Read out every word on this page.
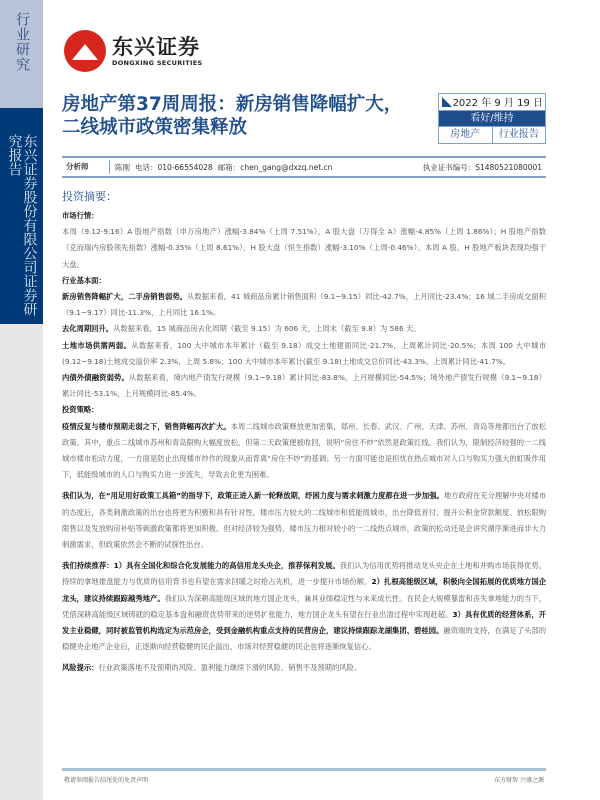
行业研究
东兴证券股份有限公司证券研究报告
东兴证券
DONGXING SECURITIES
房地产第37周周报：新房销售降幅扩大，
二线城市政策密集释放
2022 年 9 月 19 日
看好/维持
房地产	行业报告
分析师	陈刚 电话：010-66554028 邮箱：chen_gang@dxzq.net.cn	执业证书编号：S1480521080001
投资摘要：

市场行情：

本周（9.12-9.16）A 股地产指数（申万房地产）涨幅-3.84%（上周 7.51%），A 股大盘（万得全 A）涨幅-4.85%（上周 1.86%）；H 股地产指数（克而瑞内房股领先指数）涨幅-0.35%（上周 8.61%），H 股大盘（恒生指数）涨幅-3.10%（上周-0.46%）。本周 A 股、H 股地产板块表现均强于大盘。

行业基本面：

新房销售降幅扩大，二手房销售弱势。从数据来看，41 城商品房累计销售面积（9.1~9.15）同比-42.7%，上月同比-23.4%；16 城二手房成交面积（9.1~9.17）同比-11.3%，上月同比 16.1%。

去化周期回升。从数据来看，15 城商品房去化周期（截至 9.15）为 606 天，上周末（截至 9.8）为 586 天。

土地市场供需两弱。从数据来看，100 大中城市本年累计（截至 9.18）成交土地建面同比-21.7%，上周累计同比-20.5%；本周 100 大中城市(9.12~9.18)土地成交溢价率 2.3%，上周 5.8%；100 大中城市本年累计(截至 9.18)土地成交总价同比-43.3%，上周累计同比-41.7%。

内债外债融资弱势。从数据来看，境内地产债发行规模（9.1~9.18）累计同比-83.8%，上月规模同比-54.5%；境外地产债发行规模（9.1~9.18）累计同比-53.1%，上月规模同比-85.4%。

投资策略：

疫情反复与楼市预期走弱之下，销售降幅再次扩大。本周二线城市政策释放更加密集，郑州、长春、武汉、广州、天津、苏州、青岛等地都出台了放松政策。其中，重点二线城市苏州和青岛限购大幅度放松，但第二天政策便被收回，说明“房住不炒”依然是政策红线。我们认为，限制经济较强的一二线城市楼市松动力度，一方面是防止出现楼市炒作的现象从而背离“房住不炒”的基调；另一方面可能也是担忧在热点城市对人口与购买力强大的虹吸作用下，低能级城市的人口与购买力进一步流失，导致去化更为困难。

我们认为，在“用足用好政策工具箱”的指导下，政策正进入新一轮释放期，纾困力度与需求刺激力度都在进一步加强。地方政府在充分理解中央对楼市的态度后，各类刺激政策的出台也将更为积极和具有针对性。楼市压力较大的二线城市和低能级城市，出台降低首付、提升公积金贷款额度、放松限购限售以及发放购房补贴等刺激政策都将更加积极。但对经济较为强势、楼市压力相对较小的一二线热点城市，政策的松动还是会讲究循序渐进而非大力刺激需求，但政策依然会不断的试探性出台。

我们持续推荐：1）具有全国化和综合化发展能力的高信用龙头央企，推荐保利发展。我们认为信用优势将推动龙头央企在土地和并购市场获得优势，持续的拿地推盘能力与优质的信用背书也有望在需求回暖之时抢占先机，进一步提升市场份额。2）扎根高能级区域，积极向全国拓展的优质地方国企龙头，建议持续跟踪越秀地产。我们认为深耕高能级区域的地方国企龙头，兼具业绩稳定性与未来成长性。在民企大规模暴雷和丧失拿地能力的当下，凭借深耕高能级区域铸就的稳定基本盘和融资优势带来的逆势扩张能力，地方国企龙头有望在行业出清过程中实现赶超。3）具有优质的经营体系，开发主业稳健，同时被监管机构选定为示范房企，受到金融机构重点支持的民营房企，建议持续跟踪龙湖集团、碧桂园。融资端的支持，在满足了头部的稳健央企地产企业后，正逐渐向经营稳健的民企溢出，市场对经营稳健的民企也将逐渐恢复信心。

风险提示：行业政策落地不及预期的风险、盈利能力继续下滑的风险、销售不及预期的风险。

敬请参阅报告结尾处的免责声明	东方财智 兴盛之源
